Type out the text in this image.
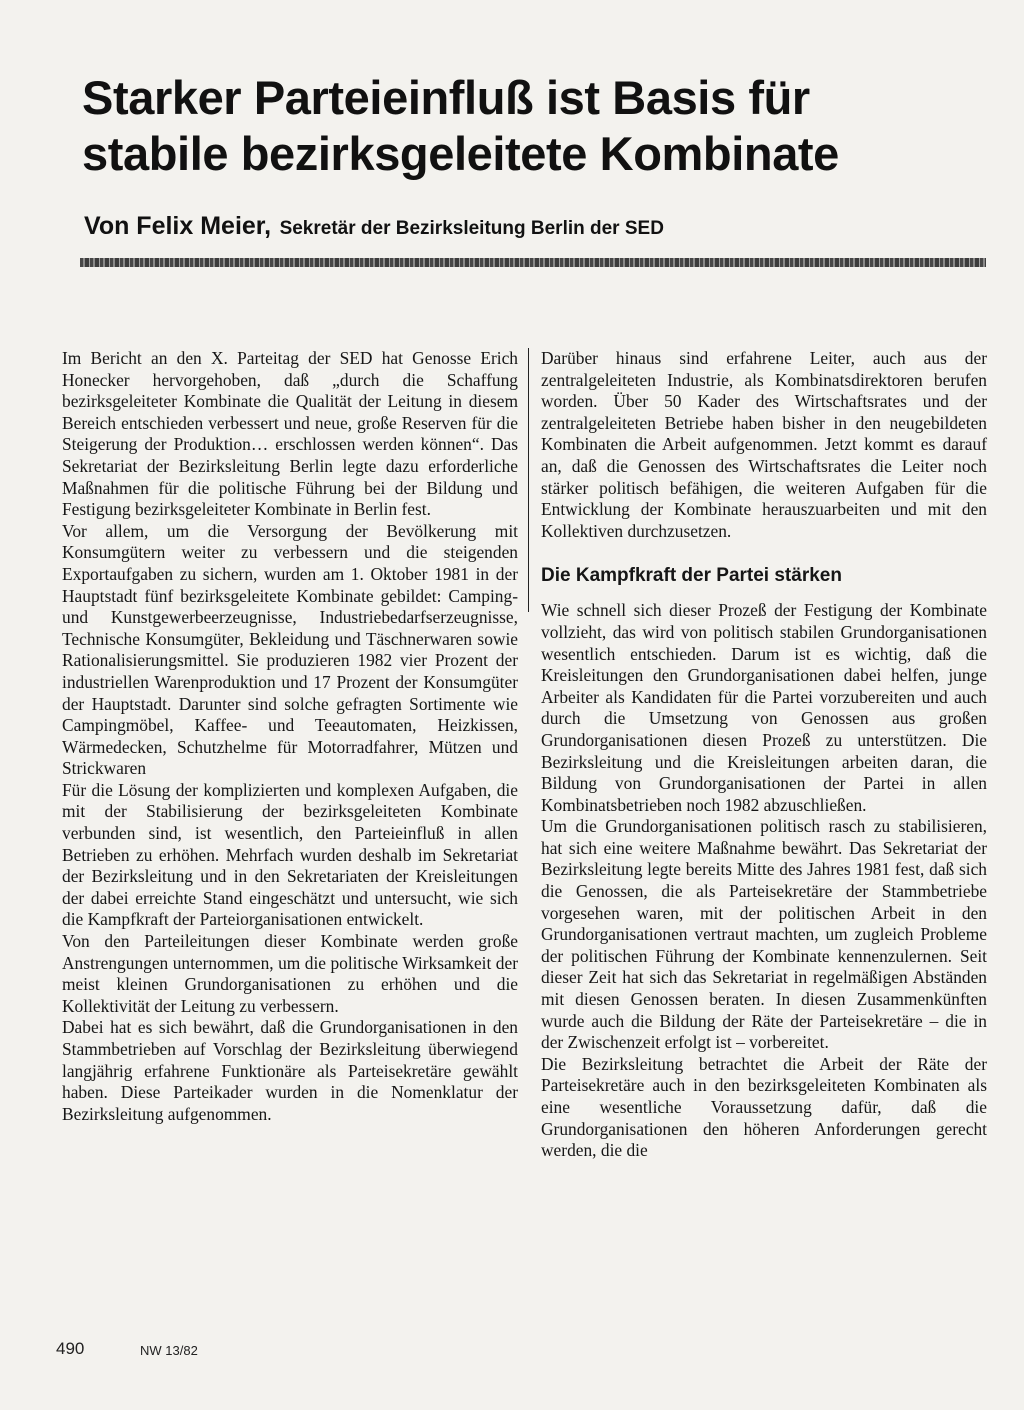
Starker Parteieinfluß ist Basis für
stabile bezirksgeleitete Kombinate
Von Felix Meier, Sekretär der Bezirksleitung Berlin der SED

Im Bericht an den X. Parteitag der SED hat Genosse Erich Honecker hervorgehoben, daß „durch die Schaffung bezirksgeleiteter Kombinate die Qualität der Leitung in diesem Bereich entschieden verbessert und neue, große Reserven für die Steigerung der Produktion… erschlossen werden können“. Das Sekretariat der Bezirksleitung Berlin legte dazu erforderliche Maßnahmen für die politische Führung bei der Bildung und Festigung bezirksgeleiteter Kombinate in Berlin fest.

Vor allem, um die Versorgung der Bevölkerung mit Konsumgütern weiter zu verbessern und die steigenden Exportaufgaben zu sichern, wurden am 1. Oktober 1981 in der Hauptstadt fünf bezirksgeleitete Kombinate gebildet: Camping- und Kunstgewerbeerzeugnisse, Industriebedarfserzeugnisse, Technische Konsumgüter, Bekleidung und Täschnerwaren sowie Rationalisierungsmittel. Sie produzieren 1982 vier Prozent der industriellen Warenproduktion und 17 Prozent der Konsumgüter der Hauptstadt. Darunter sind solche gefragten Sortimente wie Campingmöbel, Kaffee- und Teeautomaten, Heizkissen, Wärmedecken, Schutzhelme für Motorradfahrer, Mützen und Strickwaren

Für die Lösung der komplizierten und komplexen Aufgaben, die mit der Stabilisierung der bezirksgeleiteten Kombinate verbunden sind, ist wesentlich, den Parteieinfluß in allen Betrieben zu erhöhen. Mehrfach wurden deshalb im Sekretariat der Bezirksleitung und in den Sekretariaten der Kreisleitungen der dabei erreichte Stand eingeschätzt und untersucht, wie sich die Kampfkraft der Parteiorganisationen entwickelt.

Von den Parteileitungen dieser Kombinate werden große Anstrengungen unternommen, um die politische Wirksamkeit der meist kleinen Grundorganisationen zu erhöhen und die Kollektivität der Leitung zu verbessern.

Dabei hat es sich bewährt, daß die Grundorganisationen in den Stammbetrieben auf Vorschlag der Bezirksleitung überwiegend langjährig erfahrene Funktionäre als Parteisekretäre gewählt haben. Diese Parteikader wurden in die Nomenklatur der Bezirksleitung aufgenommen.

Darüber hinaus sind erfahrene Leiter, auch aus der zentralgeleiteten Industrie, als Kombinatsdirektoren berufen worden. Über 50 Kader des Wirtschaftsrates und der zentralgeleiteten Betriebe haben bisher in den neugebildeten Kombinaten die Arbeit aufgenommen. Jetzt kommt es darauf an, daß die Genossen des Wirtschaftsrates die Leiter noch stärker politisch befähigen, die weiteren Aufgaben für die Entwicklung der Kombinate herauszuarbeiten und mit den Kollektiven durchzusetzen.

Die Kampfkraft der Partei stärken

Wie schnell sich dieser Prozeß der Festigung der Kombinate vollzieht, das wird von politisch stabilen Grundorganisationen wesentlich entschieden. Darum ist es wichtig, daß die Kreisleitungen den Grundorganisationen dabei helfen, junge Arbeiter als Kandidaten für die Partei vorzubereiten und auch durch die Umsetzung von Genossen aus großen Grundorganisationen diesen Prozeß zu unterstützen. Die Bezirksleitung und die Kreisleitungen arbeiten daran, die Bildung von Grundorganisationen der Partei in allen Kombinatsbetrieben noch 1982 abzuschließen.

Um die Grundorganisationen politisch rasch zu stabilisieren, hat sich eine weitere Maßnahme bewährt. Das Sekretariat der Bezirksleitung legte bereits Mitte des Jahres 1981 fest, daß sich die Genossen, die als Parteisekretäre der Stammbetriebe vorgesehen waren, mit der politischen Arbeit in den Grundorganisationen vertraut machten, um zugleich Probleme der politischen Führung der Kombinate kennenzulernen. Seit dieser Zeit hat sich das Sekretariat in regelmäßigen Abständen mit diesen Genossen beraten. In diesen Zusammenkünften wurde auch die Bildung der Räte der Parteisekretäre – die in der Zwischenzeit erfolgt ist – vorbereitet.

Die Bezirksleitung betrachtet die Arbeit der Räte der Parteisekretäre auch in den bezirksgeleiteten Kombinaten als eine wesentliche Voraussetzung dafür, daß die Grundorganisationen den höheren Anforderungen gerecht werden, die die

490	NW 13/82
